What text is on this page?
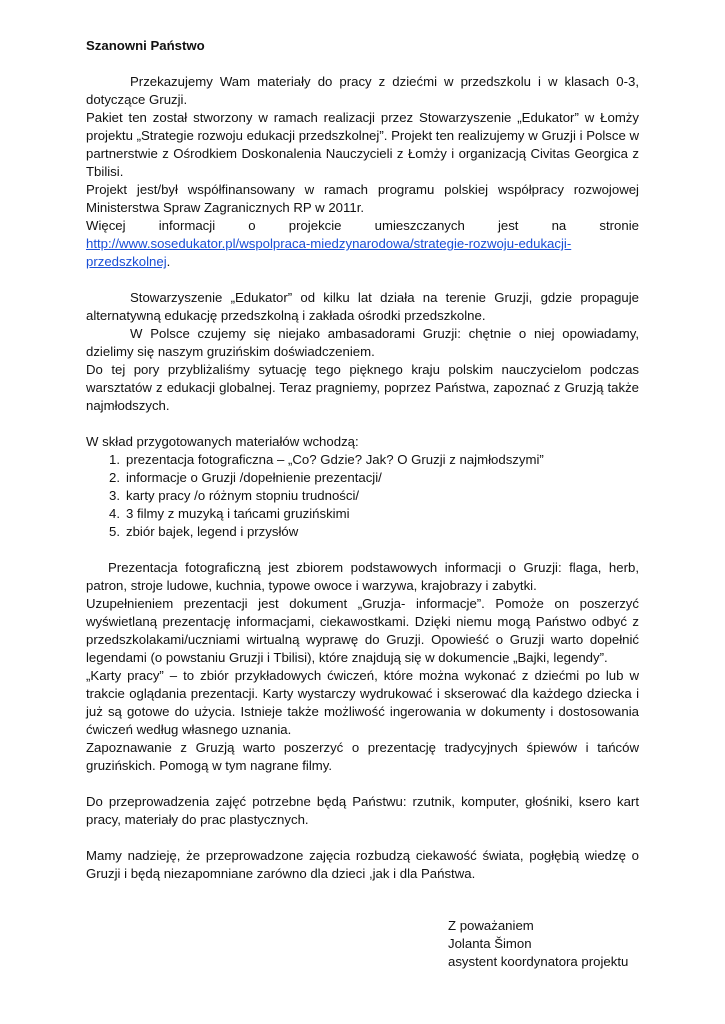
Szanowni Państwo

Przekazujemy Wam materiały do pracy z dziećmi w przedszkolu i w klasach 0-3, dotyczące Gruzji.

Pakiet ten został stworzony w ramach realizacji przez Stowarzyszenie „Edukator” w Łomży projektu „Strategie rozwoju edukacji przedszkolnej”. Projekt ten realizujemy w Gruzji i Polsce w partnerstwie z Ośrodkiem Doskonalenia Nauczycieli z Łomży i organizacją Civitas Georgica z Tbilisi.

Projekt jest/był współfinansowany w ramach programu polskiej współpracy rozwojowej Ministerstwa Spraw Zagranicznych RP w 2011r.

Więcej informacji o projekcie umieszczanych jest na stronie http://www.sosedukator.pl/wspolpraca-miedzynarodowa/strategie-rozwoju-edukacji-przedszkolnej.

Stowarzyszenie „Edukator” od kilku lat działa na terenie Gruzji, gdzie propaguje alternatywną edukację przedszkolną i zakłada ośrodki przedszkolne.

W Polsce czujemy się niejako ambasadorami Gruzji: chętnie o niej opowiadamy, dzielimy się naszym gruzińskim doświadczeniem.

Do tej pory przybliżaliśmy sytuację tego pięknego kraju polskim nauczycielom podczas warsztatów z edukacji globalnej. Teraz pragniemy, poprzez Państwa, zapoznać z Gruzją także najmłodszych.

W skład przygotowanych materiałów wchodzą:

1. prezentacja fotograficzna – „Co? Gdzie? Jak? O Gruzji z najmłodszymi”
2. informacje o Gruzji /dopełnienie prezentacji/
3. karty pracy /o różnym stopniu trudności/
4. 3 filmy z muzyką i tańcami gruzińskimi
5. zbiór bajek, legend i przysłów

Prezentacja fotograficzną jest zbiorem podstawowych informacji o Gruzji: flaga, herb, patron, stroje ludowe, kuchnia, typowe owoce i warzywa, krajobrazy i zabytki.

Uzupełnieniem prezentacji jest dokument „Gruzja- informacje”. Pomoże on poszerzyć wyświetlaną prezentację informacjami, ciekawostkami. Dzięki niemu mogą Państwo odbyć z przedszkolakami/uczniami wirtualną wyprawę do Gruzji. Opowieść o Gruzji warto dopełnić legendami (o powstaniu Gruzji i Tbilisi), które znajdują się w dokumencie „Bajki, legendy”.

„Karty pracy” – to zbiór przykładowych ćwiczeń, które można wykonać z dziećmi po lub w trakcie oglądania prezentacji. Karty wystarczy wydrukować i skserować dla każdego dziecka i już są gotowe do użycia. Istnieje także możliwość ingerowania w dokumenty i dostosowania ćwiczeń według własnego uznania.

Zapoznawanie z Gruzją warto poszerzyć o prezentację tradycyjnych śpiewów i tańców gruzińskich. Pomogą w tym nagrane filmy.

Do przeprowadzenia zajęć potrzebne będą Państwu: rzutnik, komputer, głośniki, ksero kart pracy, materiały do prac plastycznych.

Mamy nadzieję, że przeprowadzone zajęcia rozbudzą ciekawość świata, pogłębią wiedzę o Gruzji i będą niezapomniane zarówno dla dzieci ,jak i dla Państwa.

Z poważaniem
Jolanta Šimon
asystent koordynatora projektu
